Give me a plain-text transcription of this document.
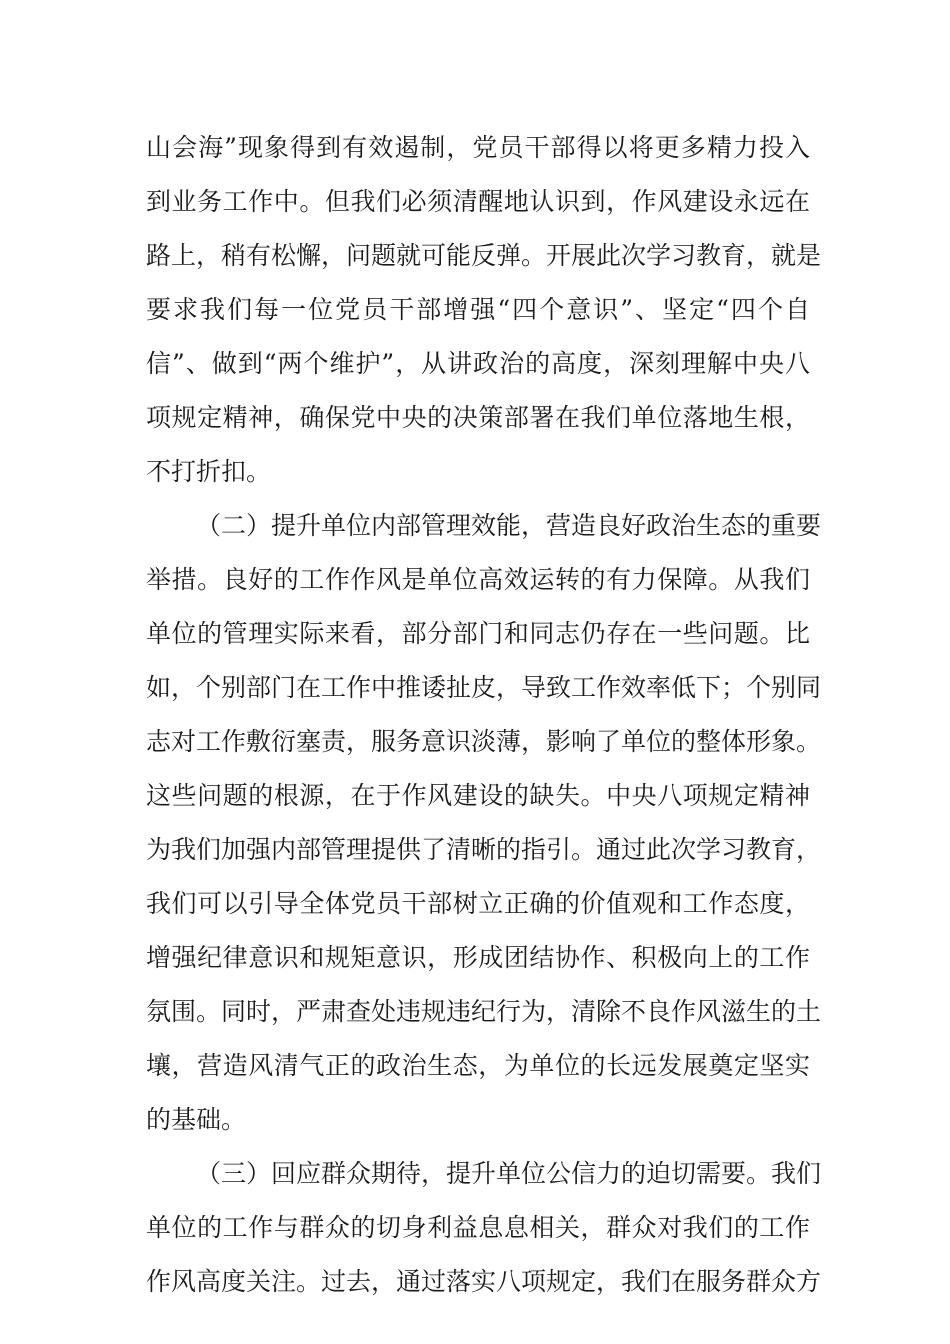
山会海”现象得到有效遏制，党员干部得以将更多精力投入
到业务工作中。但我们必须清醒地认识到，作风建设永远在
路上，稍有松懈，问题就可能反弹。开展此次学习教育，就是
要求我们每一位党员干部增强“四个意识”、坚定“四个自
信”、做到“两个维护”，从讲政治的高度，深刻理解中央八
项规定精神，确保党中央的决策部署在我们单位落地生根，
不打折扣。
（二）提升单位内部管理效能，营造良好政治生态的重要
举措。良好的工作作风是单位高效运转的有力保障。从我们
单位的管理实际来看，部分部门和同志仍存在一些问题。比
如，个别部门在工作中推诿扯皮，导致工作效率低下；个别同
志对工作敷衍塞责，服务意识淡薄，影响了单位的整体形象。
这些问题的根源，在于作风建设的缺失。中央八项规定精神
为我们加强内部管理提供了清晰的指引。通过此次学习教育，
我们可以引导全体党员干部树立正确的价值观和工作态度，
增强纪律意识和规矩意识，形成团结协作、积极向上的工作
氛围。同时，严肃查处违规违纪行为，清除不良作风滋生的土
壤，营造风清气正的政治生态，为单位的长远发展奠定坚实
的基础。
（三）回应群众期待，提升单位公信力的迫切需要。我们
单位的工作与群众的切身利益息息相关，群众对我们的工作
作风高度关注。过去，通过落实八项规定，我们在服务群众方
